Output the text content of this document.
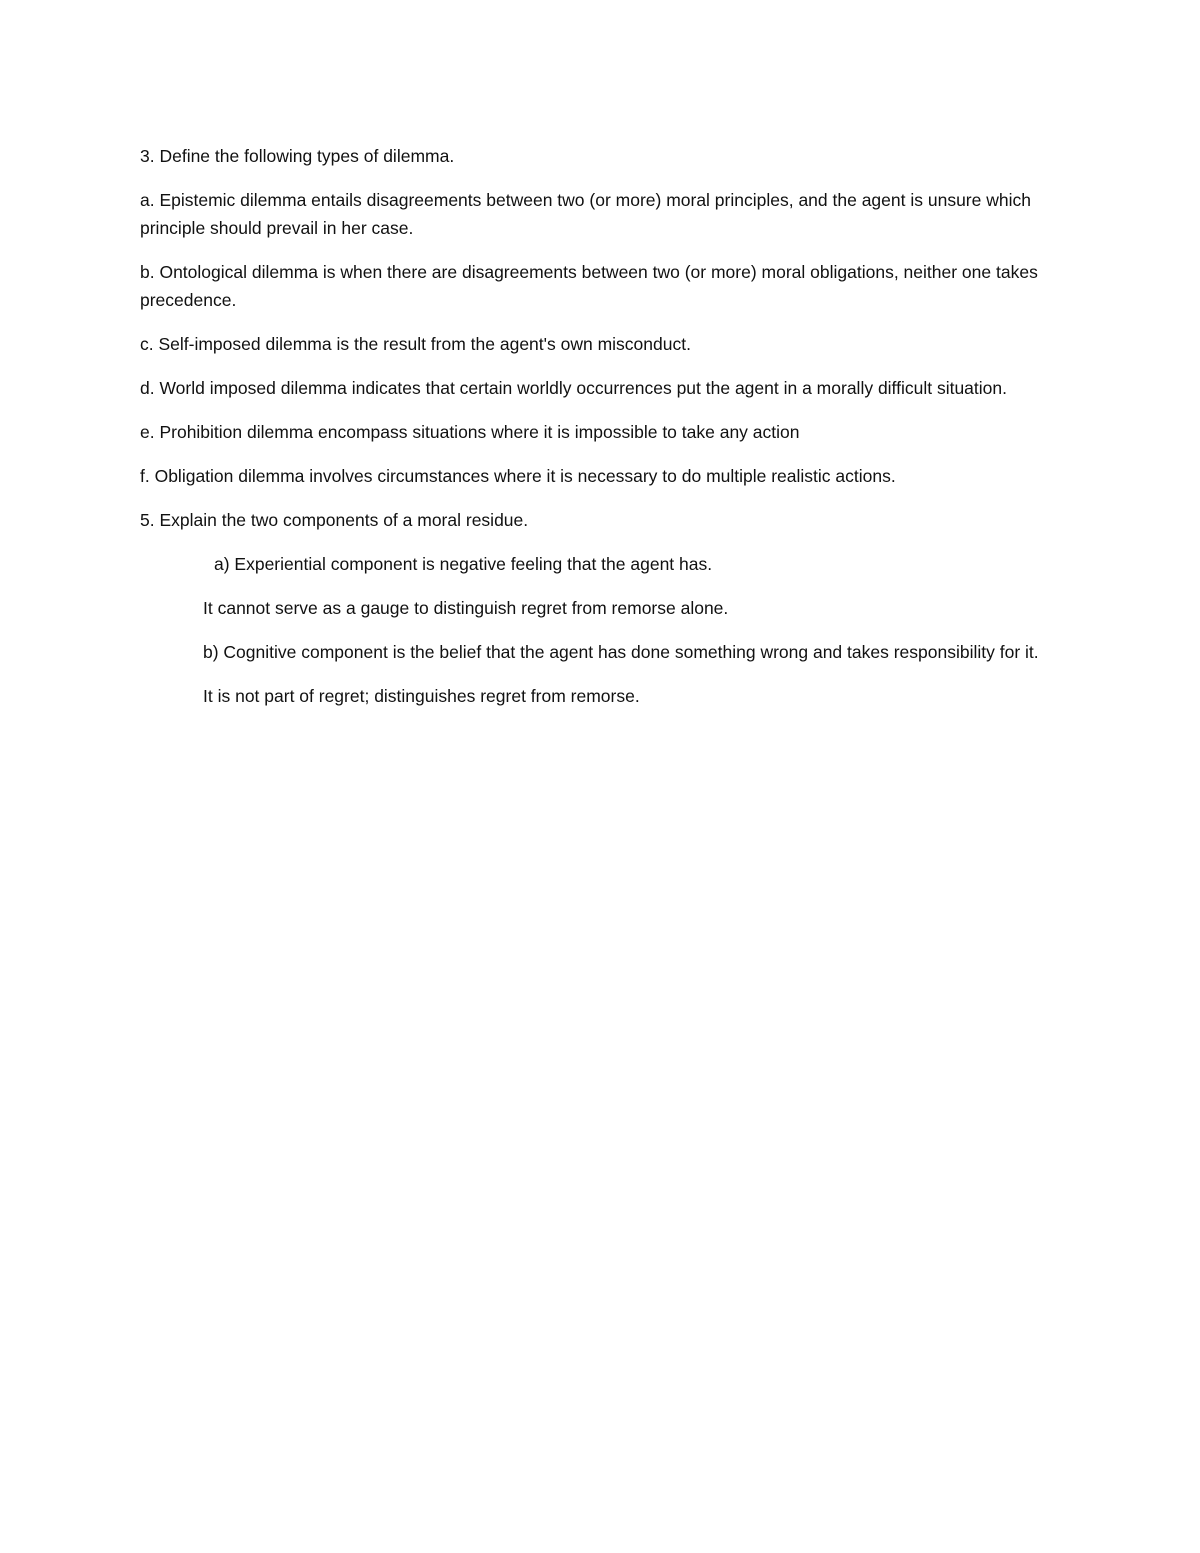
3. Define the following types of dilemma.

a. Epistemic dilemma entails disagreements between two (or more) moral principles, and the agent is unsure which principle should prevail in her case.

b. Ontological dilemma is when there are disagreements between two (or more) moral obligations, neither one takes precedence.

c. Self-imposed dilemma is the result from the agent's own misconduct.

d. World imposed dilemma indicates that certain worldly occurrences put the agent in a morally difficult situation.

e. Prohibition dilemma encompass situations where it is impossible to take any action

f. Obligation dilemma involves circumstances where it is necessary to do multiple realistic actions.

5. Explain the two components of a moral residue.

a) Experiential component is negative feeling that the agent has.

It cannot serve as a gauge to distinguish regret from remorse alone.

b) Cognitive component is the belief that the agent has done something wrong and takes responsibility for it.

It is not part of regret; distinguishes regret from remorse.
